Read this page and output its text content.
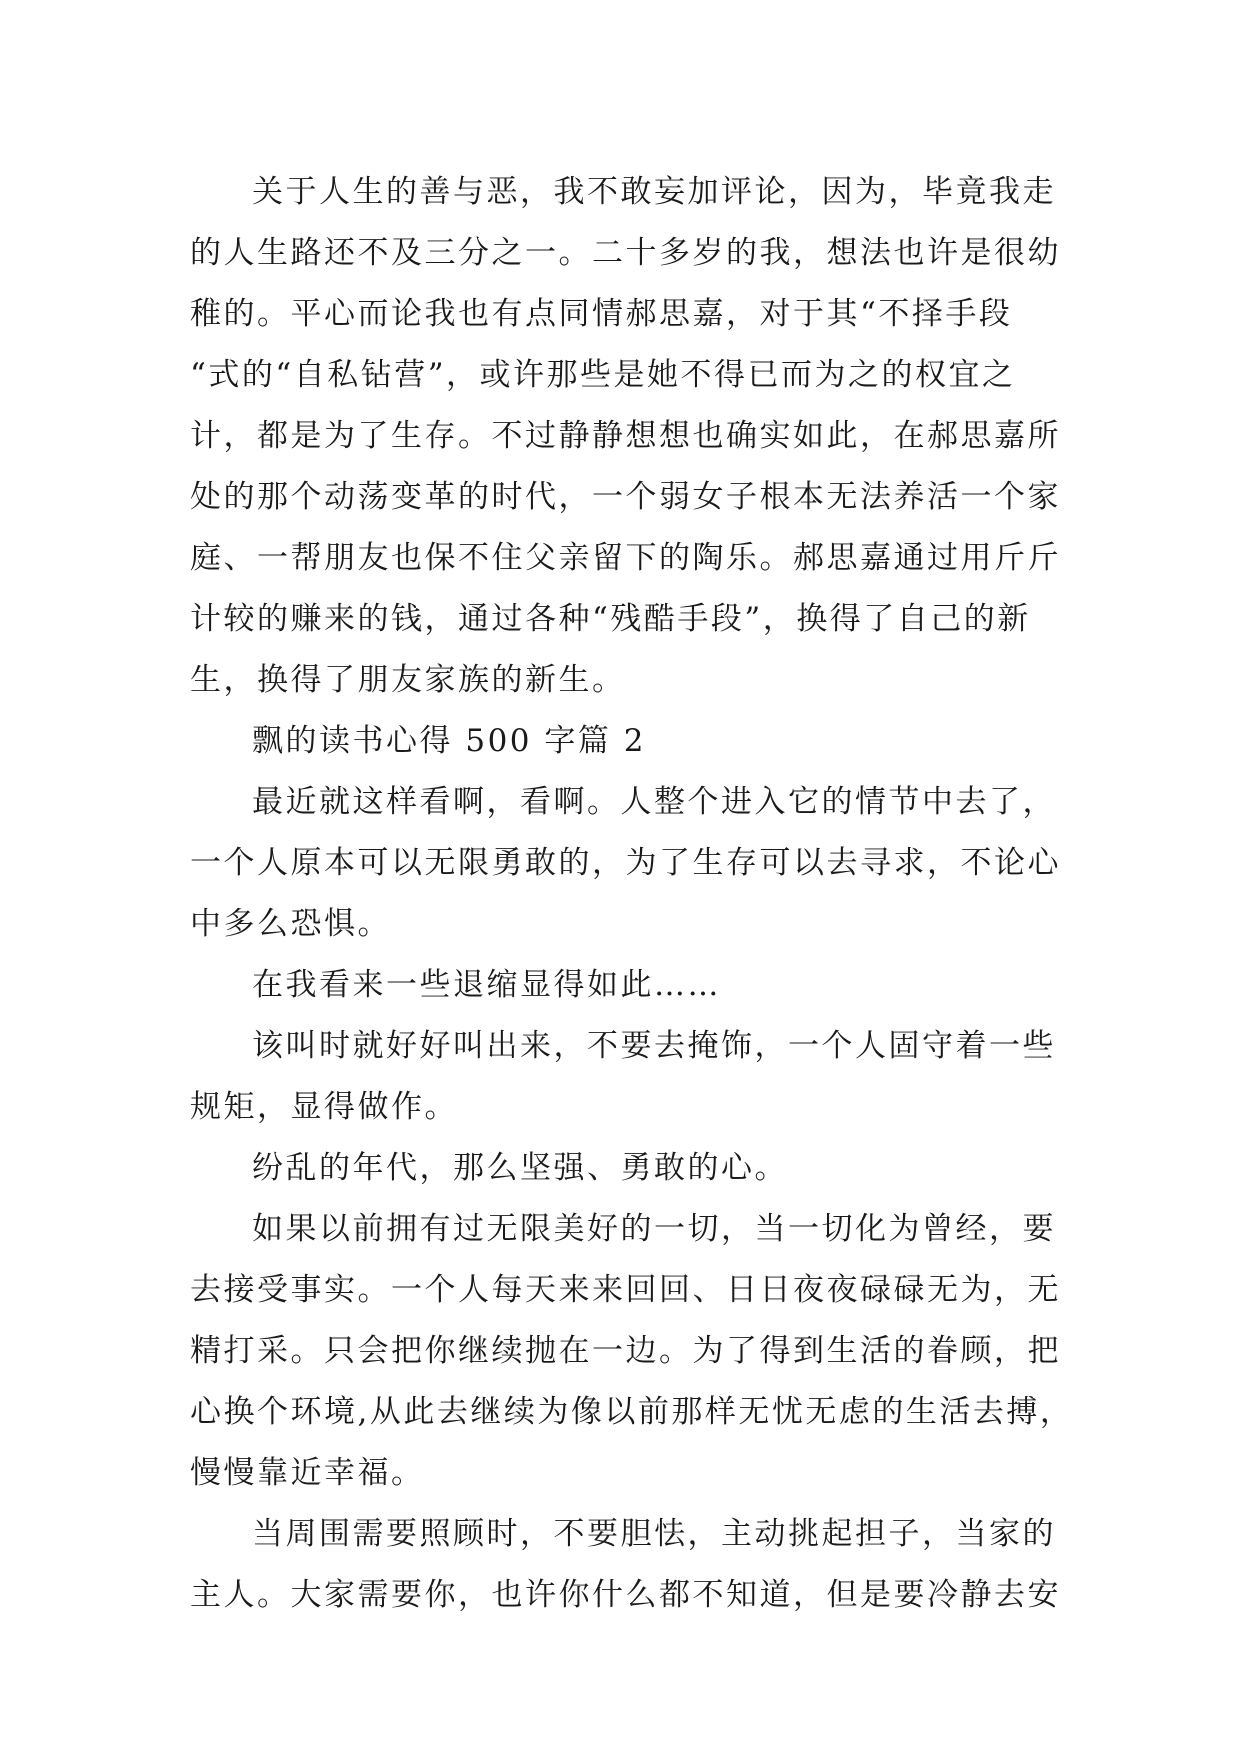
关于人生的善与恶，我不敢妄加评论，因为，毕竟我走
的人生路还不及三分之一。二十多岁的我，想法也许是很幼
稚的。平心而论我也有点同情郝思嘉，对于其“不择手段
“式的“自私钻营”，或许那些是她不得已而为之的权宜之
计，都是为了生存。不过静静想想也确实如此，在郝思嘉所
处的那个动荡变革的时代，一个弱女子根本无法养活一个家
庭、一帮朋友也保不住父亲留下的陶乐。郝思嘉通过用斤斤
计较的赚来的钱，通过各种“残酷手段”，换得了自己的新
生，换得了朋友家族的新生。
飘的读书心得 500 字篇 2
最近就这样看啊，看啊。人整个进入它的情节中去了，
一个人原本可以无限勇敢的，为了生存可以去寻求，不论心
中多么恐惧。
在我看来一些退缩显得如此……
该叫时就好好叫出来，不要去掩饰，一个人固守着一些
规矩，显得做作。
纷乱的年代，那么坚强、勇敢的心。
如果以前拥有过无限美好的一切，当一切化为曾经，要
去接受事实。一个人每天来来回回、日日夜夜碌碌无为，无
精打采。只会把你继续抛在一边。为了得到生活的眷顾，把
心换个环境,从此去继续为像以前那样无忧无虑的生活去搏，
慢慢靠近幸福。
当周围需要照顾时，不要胆怯，主动挑起担子，当家的
主人。大家需要你，也许你什么都不知道，但是要冷静去安
